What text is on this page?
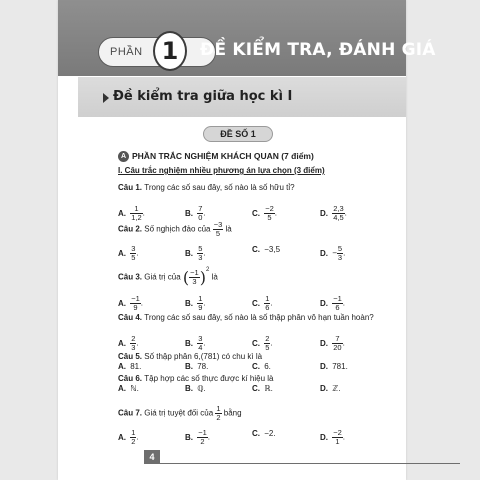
PHẦN 1	ĐỀ KIỂM TRA, ĐÁNH GIÁ
Đề kiểm tra giữa học kì I
ĐỀ SỐ 1
A PHẦN TRẮC NGHIỆM KHÁCH QUAN (7 điểm)
I. Câu trắc nghiệm nhiều phương án lựa chọn (3 điểm)
Câu 1. Trong các số sau đây, số nào là số hữu tỉ?
A. $\frac{1}{1,2}$ .	B. $\frac{7}{0}$ .	C. $\frac{-2}{5}$ .	D. $\frac{2,3}{4,5}$ .
Câu 2. Số nghịch đảo của $\frac{-3}{5}$ là
A. $\frac{3}{5}$ .	B. $\frac{5}{3}$ .	C. −3,5	D. − $\frac{5}{3}$ .
Câu 3. Giá trị của ( $\frac{-1}{3} )^2$ là
A. $\frac{-1}{9}$ .	B. $\frac{1}{9}$ .	C. $\frac{1}{6}$ .	D. $\frac{-1}{6}$ .
Câu 4. Trong các số sau đây, số nào là số thập phân vô hạn tuần hoàn?
A. $\frac{2}{3}$ .	B. $\frac{3}{4}$ .	C. $\frac{2}{5}$ .	D. $\frac{7}{20}$ .
Câu 5. Số thập phân 6,(781) có chu kì là
A. 81.	B. 78.	C. 6.	D. 781.
Câu 6. Tập hợp các số thực được kí hiệu là
A. ℕ.	B. ℚ.	C. ℝ.	D. ℤ.
Câu 7. Giá trị tuyệt đối của $\frac{1}{2}$ bằng
A. $\frac{1}{2}$ .	B. $\frac{-1}{2}$ .	C. −2.	D. $\frac{-2}{1}$ .
4
